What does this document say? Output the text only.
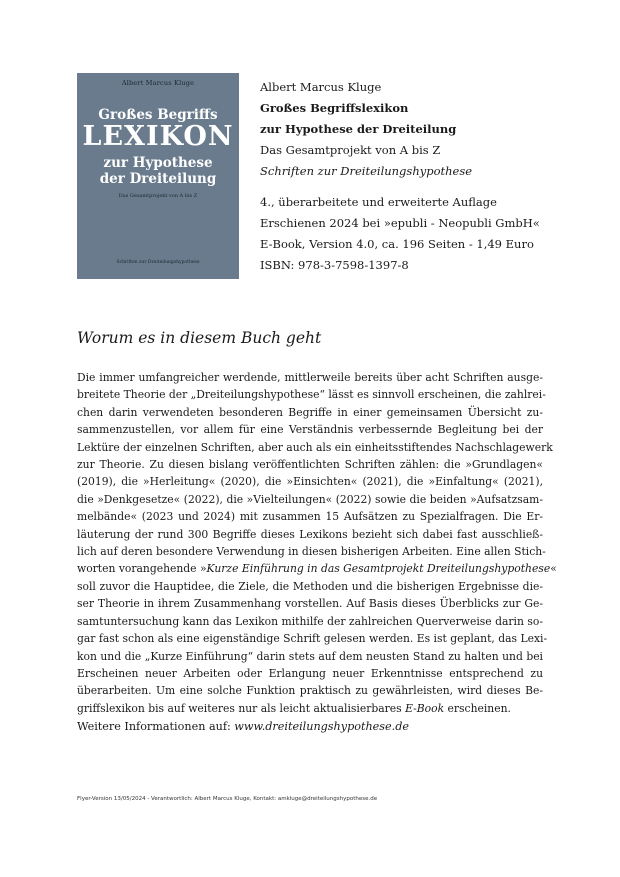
Albert Marcus Kluge
Großes Begriffs
LEXIKON
zur Hypothese
der Dreiteilung
Das Gesamtprojekt von A bis Z
Schriften zur Dreiteilungshypothese
Albert Marcus Kluge
Großes Begriffslexikon
zur Hypothese der Dreiteilung
Das Gesamtprojekt von A bis Z
Schriften zur Dreiteilungshypothese
4., überarbeitete und erweiterte Auflage
Erschienen 2024 bei »epubli - Neopubli GmbH«
E-Book, Version 4.0, ca. 196 Seiten - 1,49 Euro
ISBN: 978-3-7598-1397-8
Worum es in diesem Buch geht
Die immer umfangreicher werdende, mittlerweile bereits über acht Schriften ausge-
breitete Theorie der „Dreiteilungshypothese“ lässt es sinnvoll erscheinen, die zahlrei-
chen darin verwendeten besonderen Begriffe in einer gemeinsamen Übersicht zu-
sammenzustellen, vor allem für eine Verständnis verbessernde Begleitung bei der
Lektüre der einzelnen Schriften, aber auch als ein einheitsstiftendes Nachschlagewerk
zur Theorie. Zu diesen bislang veröffentlichten Schriften zählen: die »Grundlagen«
(2019), die »Herleitung« (2020), die »Einsichten« (2021), die »Einfaltung« (2021),
die »Denkgesetze« (2022), die »Vielteilungen« (2022) sowie die beiden »Aufsatzsam-
melbände« (2023 und 2024) mit zusammen 15 Aufsätzen zu Spezialfragen. Die Er-
läuterung der rund 300 Begriffe dieses Lexikons bezieht sich dabei fast ausschließ-
lich auf deren besondere Verwendung in diesen bisherigen Arbeiten. Eine allen Stich-
worten vorangehende »Kurze Einführung in das Gesamtprojekt Dreiteilungshypothese«
soll zuvor die Hauptidee, die Ziele, die Methoden und die bisherigen Ergebnisse die-
ser Theorie in ihrem Zusammenhang vorstellen. Auf Basis dieses Überblicks zur Ge-
samtuntersuchung kann das Lexikon mithilfe der zahlreichen Querverweise darin so-
gar fast schon als eine eigenständige Schrift gelesen werden. Es ist geplant, das Lexi-
kon und die „Kurze Einführung“ darin stets auf dem neusten Stand zu halten und bei
Erscheinen neuer Arbeiten oder Erlangung neuer Erkenntnisse entsprechend zu
überarbeiten. Um eine solche Funktion praktisch zu gewährleisten, wird dieses Be-
griffslexikon bis auf weiteres nur als leicht aktualisierbares E-Book erscheinen.
Weitere Informationen auf: www.dreiteilungshypothese.de
Flyer-Version 13/05/2024 - Verantwortlich: Albert Marcus Kluge, Kontakt: amkluge@dreiteilungshypothese.de
